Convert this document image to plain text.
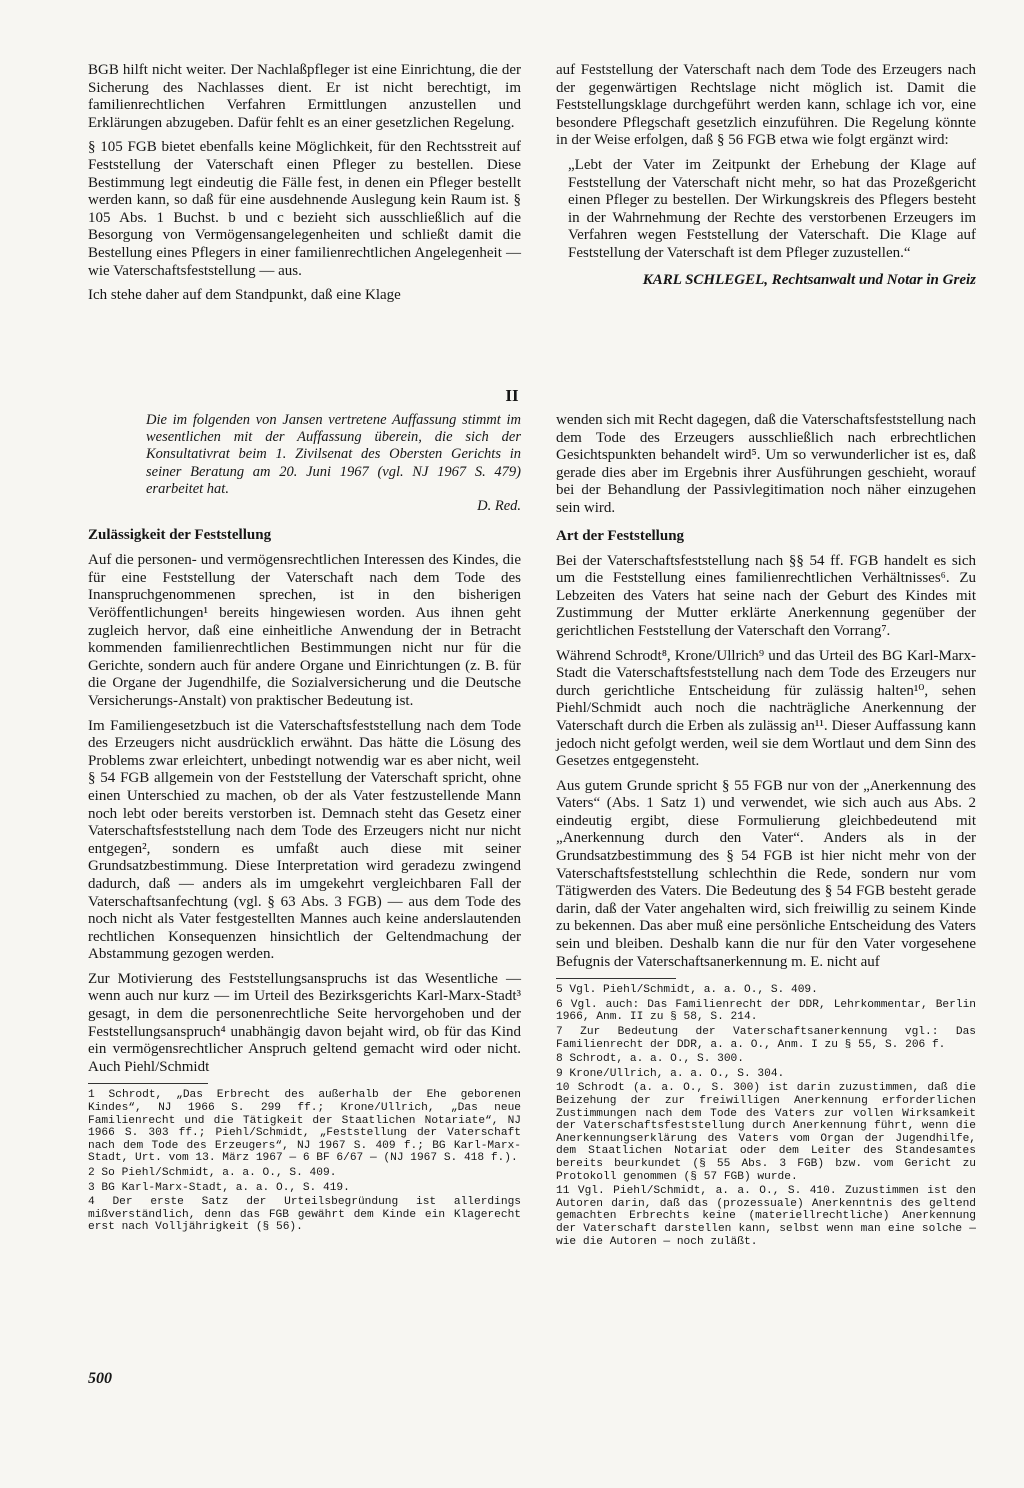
BGB hilft nicht weiter. Der Nachlaßpfleger ist eine Einrichtung, die der Sicherung des Nachlasses dient. Er ist nicht berechtigt, im familienrechtlichen Verfahren Ermittlungen anzustellen und Erklärungen abzugeben. Dafür fehlt es an einer gesetzlichen Regelung.

§ 105 FGB bietet ebenfalls keine Möglichkeit, für den Rechtsstreit auf Feststellung der Vaterschaft einen Pfleger zu bestellen. Diese Bestimmung legt eindeutig die Fälle fest, in denen ein Pfleger bestellt werden kann, so daß für eine ausdehnende Auslegung kein Raum ist. § 105 Abs. 1 Buchst. b und c bezieht sich ausschließlich auf die Besorgung von Vermögensangelegenheiten und schließt damit die Bestellung eines Pflegers in einer familienrechtlichen Angelegenheit — wie Vaterschaftsfeststellung — aus.

Ich stehe daher auf dem Standpunkt, daß eine Klage

auf Feststellung der Vaterschaft nach dem Tode des Erzeugers nach der gegenwärtigen Rechtslage nicht möglich ist. Damit die Feststellungsklage durchgeführt werden kann, schlage ich vor, eine besondere Pflegschaft gesetzlich einzuführen. Die Regelung könnte in der Weise erfolgen, daß § 56 FGB etwa wie folgt ergänzt wird:

„Lebt der Vater im Zeitpunkt der Erhebung der Klage auf Feststellung der Vaterschaft nicht mehr, so hat das Prozeßgericht einen Pfleger zu bestellen. Der Wirkungskreis des Pflegers besteht in der Wahrnehmung der Rechte des verstorbenen Erzeugers im Verfahren wegen Feststellung der Vaterschaft. Die Klage auf Feststellung der Vaterschaft ist dem Pfleger zuzustellen.“

KARL SCHLEGEL, Rechtsanwalt und Notar in Greiz

II
Die im folgenden von Jansen vertretene Auffassung stimmt im wesentlichen mit der Auffassung überein, die sich der Konsultativrat beim 1. Zivilsenat des Obersten Gerichts in seiner Beratung am 20. Juni 1967 (vgl. NJ 1967 S. 479) erarbeitet hat.
D. Red.
Zulässigkeit der Feststellung

Auf die personen- und vermögensrechtlichen Interessen des Kindes, die für eine Feststellung der Vaterschaft nach dem Tode des Inanspruchgenommenen sprechen, ist in den bisherigen Veröffentlichungen¹ bereits hingewiesen worden. Aus ihnen geht zugleich hervor, daß eine einheitliche Anwendung der in Betracht kommenden familienrechtlichen Bestimmungen nicht nur für die Gerichte, sondern auch für andere Organe und Einrichtungen (z. B. für die Organe der Jugendhilfe, die Sozialversicherung und die Deutsche Versicherungs-Anstalt) von praktischer Bedeutung ist.

Im Familiengesetzbuch ist die Vaterschaftsfeststellung nach dem Tode des Erzeugers nicht ausdrücklich erwähnt. Das hätte die Lösung des Problems zwar erleichtert, unbedingt notwendig war es aber nicht, weil § 54 FGB allgemein von der Feststellung der Vaterschaft spricht, ohne einen Unterschied zu machen, ob der als Vater festzustellende Mann noch lebt oder bereits verstorben ist. Demnach steht das Gesetz einer Vaterschaftsfeststellung nach dem Tode des Erzeugers nicht nur nicht entgegen², sondern es umfaßt auch diese mit seiner Grundsatzbestimmung. Diese Interpretation wird geradezu zwingend dadurch, daß — anders als im umgekehrt vergleichbaren Fall der Vaterschaftsanfechtung (vgl. § 63 Abs. 3 FGB) — aus dem Tode des noch nicht als Vater festgestellten Mannes auch keine anderslautenden rechtlichen Konsequenzen hinsichtlich der Geltendmachung der Abstammung gezogen werden.

Zur Motivierung des Feststellungsanspruchs ist das Wesentliche — wenn auch nur kurz — im Urteil des Bezirksgerichts Karl-Marx-Stadt³ gesagt, in dem die personenrechtliche Seite hervorgehoben und der Feststellungsanspruch⁴ unabhängig davon bejaht wird, ob für das Kind ein vermögensrechtlicher Anspruch geltend gemacht wird oder nicht. Auch Piehl/Schmidt

1 Schrodt, „Das Erbrecht des außerhalb der Ehe geborenen Kindes“, NJ 1966 S. 299 ff.; Krone/Ullrich, „Das neue Familienrecht und die Tätigkeit der Staatlichen Notariate“, NJ 1966 S. 303 ff.; Piehl/Schmidt, „Feststellung der Vaterschaft nach dem Tode des Erzeugers“, NJ 1967 S. 409 f.; BG Karl-Marx-Stadt, Urt. vom 13. März 1967 — 6 BF 6/67 — (NJ 1967 S. 418 f.).

2 So Piehl/Schmidt, a. a. O., S. 409.

3 BG Karl-Marx-Stadt, a. a. O., S. 419.

4 Der erste Satz der Urteilsbegründung ist allerdings mißverständlich, denn das FGB gewährt dem Kinde ein Klagerecht erst nach Volljährigkeit (§ 56).

wenden sich mit Recht dagegen, daß die Vaterschaftsfeststellung nach dem Tode des Erzeugers ausschließlich nach erbrechtlichen Gesichtspunkten behandelt wird⁵. Um so verwunderlicher ist es, daß gerade dies aber im Ergebnis ihrer Ausführungen geschieht, worauf bei der Behandlung der Passivlegitimation noch näher einzugehen sein wird.

Art der Feststellung

Bei der Vaterschaftsfeststellung nach §§ 54 ff. FGB handelt es sich um die Feststellung eines familienrechtlichen Verhältnisses⁶. Zu Lebzeiten des Vaters hat seine nach der Geburt des Kindes mit Zustimmung der Mutter erklärte Anerkennung gegenüber der gerichtlichen Feststellung der Vaterschaft den Vorrang⁷.

Während Schrodt⁸, Krone/Ullrich⁹ und das Urteil des BG Karl-Marx-Stadt die Vaterschaftsfeststellung nach dem Tode des Erzeugers nur durch gerichtliche Entscheidung für zulässig halten¹⁰, sehen Piehl/Schmidt auch noch die nachträgliche Anerkennung der Vaterschaft durch die Erben als zulässig an¹¹. Dieser Auffassung kann jedoch nicht gefolgt werden, weil sie dem Wortlaut und dem Sinn des Gesetzes entgegensteht.

Aus gutem Grunde spricht § 55 FGB nur von der „Anerkennung des Vaters“ (Abs. 1 Satz 1) und verwendet, wie sich auch aus Abs. 2 eindeutig ergibt, diese Formulierung gleichbedeutend mit „Anerkennung durch den Vater“. Anders als in der Grundsatzbestimmung des § 54 FGB ist hier nicht mehr von der Vaterschaftsfeststellung schlechthin die Rede, sondern nur vom Tätigwerden des Vaters. Die Bedeutung des § 54 FGB besteht gerade darin, daß der Vater angehalten wird, sich freiwillig zu seinem Kinde zu bekennen. Das aber muß eine persönliche Entscheidung des Vaters sein und bleiben. Deshalb kann die nur für den Vater vorgesehene Befugnis der Vaterschaftsanerkennung m. E. nicht auf

5 Vgl. Piehl/Schmidt, a. a. O., S. 409.

6 Vgl. auch: Das Familienrecht der DDR, Lehrkommentar, Berlin 1966, Anm. II zu § 58, S. 214.

7 Zur Bedeutung der Vaterschaftsanerkennung vgl.: Das Familienrecht der DDR, a. a. O., Anm. I zu § 55, S. 206 f.

8 Schrodt, a. a. O., S. 300.

9 Krone/Ullrich, a. a. O., S. 304.

10 Schrodt (a. a. O., S. 300) ist darin zuzustimmen, daß die Beizehung der zur freiwilligen Anerkennung erforderlichen Zustimmungen nach dem Tode des Vaters zur vollen Wirksamkeit der Vaterschaftsfeststellung durch Anerkennung führt, wenn die Anerkennungserklärung des Vaters vom Organ der Jugendhilfe, dem Staatlichen Notariat oder dem Leiter des Standesamtes bereits beurkundet (§ 55 Abs. 3 FGB) bzw. vom Gericht zu Protokoll genommen (§ 57 FGB) wurde.

11 Vgl. Piehl/Schmidt, a. a. O., S. 410. Zuzustimmen ist den Autoren darin, daß das (prozessuale) Anerkenntnis des geltend gemachten Erbrechts keine (materiellrechtliche) Anerkennung der Vaterschaft darstellen kann, selbst wenn man eine solche — wie die Autoren — noch zuläßt.

500
